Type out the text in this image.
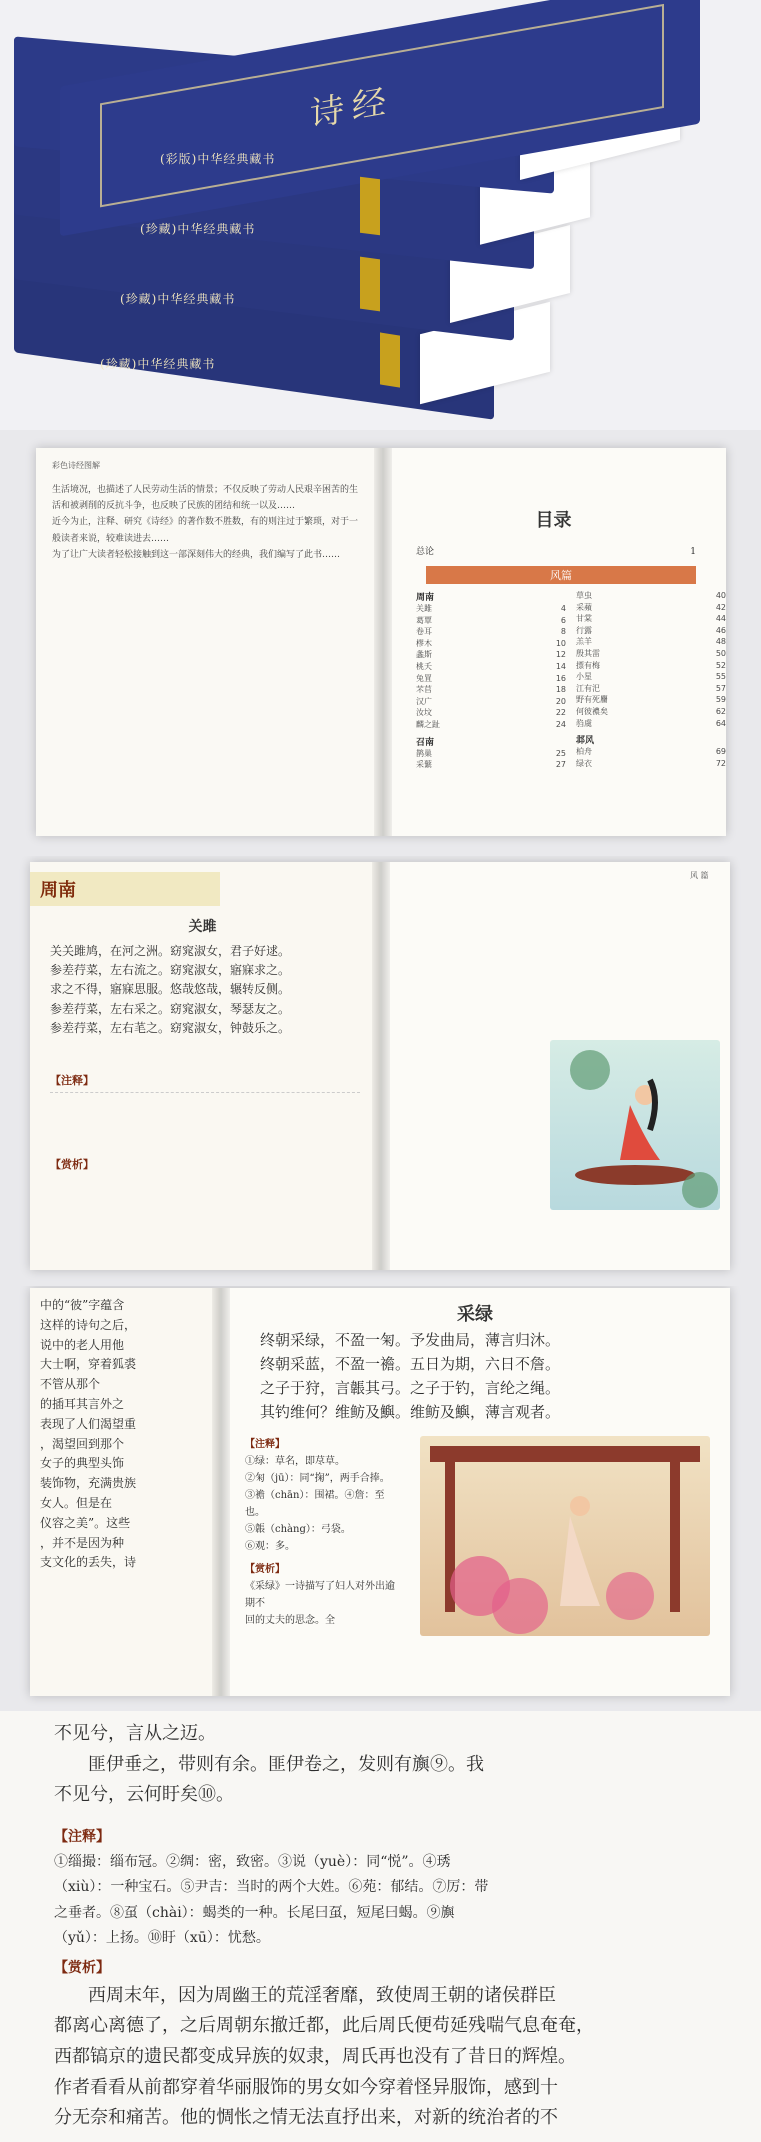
诗经
(彩版)中华经典藏书
(珍藏)中华经典藏书
(珍藏)中华经典藏书
(珍藏)中华经典藏书
彩色诗经图解
生活境况，也描述了人民劳动生活的情景；不仅反映了劳动人民艰辛困苦的生活和被剥削的反抗斗争，也反映了民族的团结和统一以及……
近今为止，注释、研究《诗经》的著作数不胜数，有的则注过于繁琐，对于一般读者来说，较难读进去……
为了让广大读者轻松接触到这一部深刻伟大的经典，我们编写了此书……
目录
总论	1
风篇
周南
关雎	4
葛覃	6
卷耳	8
樛木	10
螽斯	12
桃夭	14
兔罝	16
芣苢	18
汉广	20
汝坟	22
麟之趾	24
召南
鹊巢	25
采蘩	27
草虫	40
采蘋	42
甘棠	44
行露	46
羔羊	48
殷其雷	50
摽有梅	52
小星	55
江有汜	57
野有死麕	59
何彼襛矣	62
驺虞	64
邶风
柏舟	69
绿衣	72
周南
关雎
关关雎鸠，在河之洲。窈窕淑女，君子好逑。
参差荇菜，左右流之。窈窕淑女，寤寐求之。
求之不得，寤寐思服。悠哉悠哉，辗转反侧。
参差荇菜，左右采之。窈窕淑女，琴瑟友之。
参差荇菜，左右芼之。窈窕淑女，钟鼓乐之。
【注释】
【赏析】
风 篇
中的“彼”字蕴含
这样的诗句之后，
说中的老人用他
大士啊，穿着狐裘
不管从那个
的插耳其言外之
表现了人们渴望重
，渴望回到那个
女子的典型头饰
装饰物，充满贵族
女人。但是在
仪容之美”。这些
，并不是因为种
支文化的丢失，诗
采绿
终朝采绿，不盈一匊。予发曲局，薄言归沐。
终朝采蓝，不盈一襜。五日为期，六日不詹。
之子于狩，言韔其弓。之子于钓，言纶之绳。
其钓维何？维鲂及鱮。维鲂及鱮，薄言观者。
【注释】
①绿：草名，即荩草。
②匊（jū）：同“掬”，两手合捧。
③襜（chān）：围裙。④詹：至也。
⑤韔（chàng）：弓袋。
⑥观：多。
【赏析】
《采绿》一诗描写了妇人对外出逾期不
回的丈夫的思念。全
不见兮，言从之迈。
匪伊垂之，带则有余。匪伊卷之，发则有旟⑨。我
不见兮，云何盱矣⑩。
【注释】
①缁撮：缁布冠。②绸：密，致密。③说（yuè）：同“悦”。④琇
（xiù）：一种宝石。⑤尹吉：当时的两个大姓。⑥苑：郁结。⑦厉：带
之垂者。⑧虿（chài）：蝎类的一种。长尾曰虿，短尾曰蝎。⑨旟
（yǔ）：上扬。⑩盱（xū）：忧愁。
【赏析】
西周末年，因为周幽王的荒淫奢靡，致使周王朝的诸侯群臣
都离心离德了，之后周朝东撤迁都，此后周氏便苟延残喘气息奄奄，
西都镐京的遗民都变成异族的奴隶，周氏再也没有了昔日的辉煌。
作者看看从前都穿着华丽服饰的男女如今穿着怪异服饰，感到十
分无奈和痛苦。他的惆怅之情无法直抒出来，对新的统治者的不
